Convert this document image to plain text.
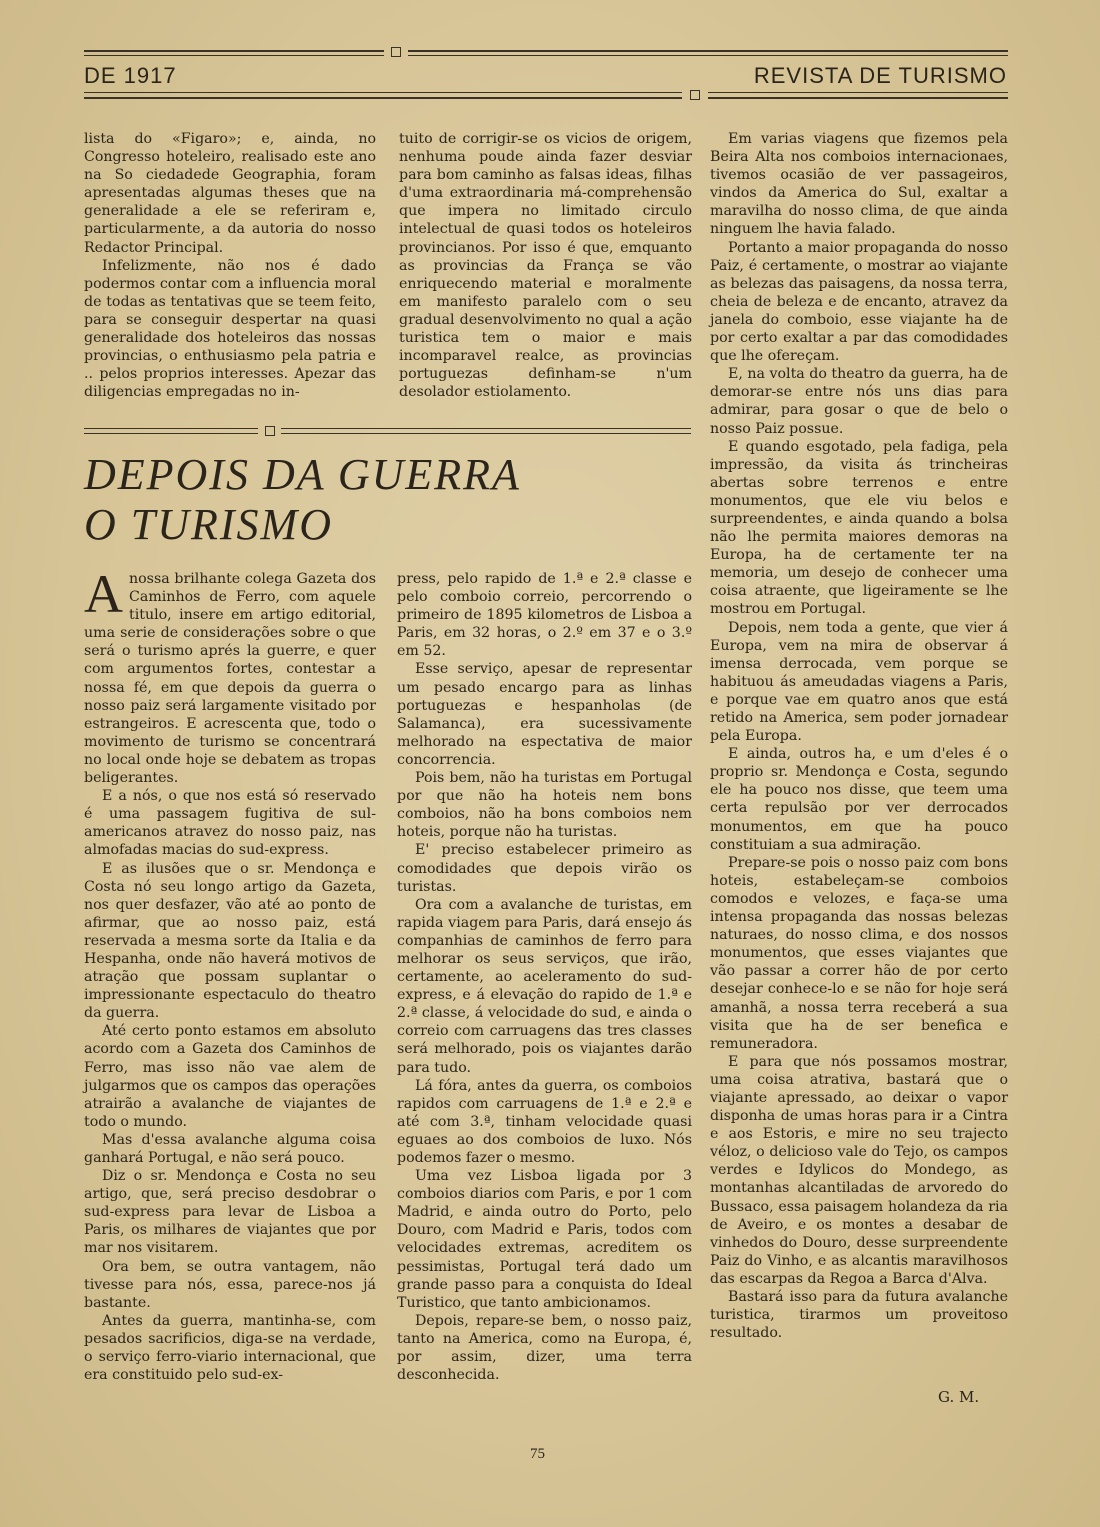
DE 1917	REVISTA DE TURISMO

lista do «Figaro»; e, ainda, no Congresso hoteleiro, realisado este ano na So ciedadede Geographia, foram apresentadas algumas theses que na generalidade a ele se referiram e, particularmente, a da autoria do nosso Redactor Principal.

Infelizmente, não nos é dado podermos contar com a influencia moral de todas as tentativas que se teem feito, para se conseguir despertar na quasi generalidade dos hoteleiros das nossas provincias, o enthusiasmo pela patria e .. pelos proprios interesses. Apezar das diligencias empregadas no in-

tuito de corrigir-se os vicios de origem, nenhuma poude ainda fazer desviar para bom caminho as falsas ideas, filhas d'uma extraordinaria má-comprehensão que impera no limitado circulo intelectual de quasi todos os hoteleiros provincianos. Por isso é que, emquanto as provincias da França se vão enriquecendo material e moralmente em manifesto paralelo com o seu gradual desenvolvimento no qual a ação turistica tem o maior e mais incomparavel realce, as provincias portuguezas definham-se n'um desolador estiolamento.

DEPOIS DA GUERRA
O TURISMO

Anossa brilhante colega Gazeta dos Caminhos de Ferro, com aquele titulo, insere em artigo editorial, uma serie de considerações sobre o que será o turismo aprés la guerre, e quer com argumentos fortes, contestar a nossa fé, em que depois da guerra o nosso paiz será largamente visitado por estrangeiros. E acrescenta que, todo o movimento de turismo se concentrará no local onde hoje se debatem as tropas beligerantes.

E a nós, o que nos está só reservado é uma passagem fugitiva de sul-americanos atravez do nosso paiz, nas almofadas macias do sud-express.

E as ilusões que o sr. Mendonça e Costa nó seu longo artigo da Gazeta, nos quer desfazer, vão até ao ponto de afirmar, que ao nosso paiz, está reservada a mesma sorte da Italia e da Hespanha, onde não haverá motivos de atração que possam suplantar o impressionante espectaculo do theatro da guerra.

Até certo ponto estamos em absoluto acordo com a Gazeta dos Caminhos de Ferro, mas isso não vae alem de julgarmos que os campos das operações atrairão a avalanche de viajantes de todo o mundo.

Mas d'essa avalanche alguma coisa ganhará Portugal, e não será pouco.

Diz o sr. Mendonça e Costa no seu artigo, que, será preciso desdobrar o sud-express para levar de Lisboa a Paris, os milhares de viajantes que por mar nos visitarem.

Ora bem, se outra vantagem, não tivesse para nós, essa, parece-nos já bastante.

Antes da guerra, mantinha-se, com pesados sacrificios, diga-se na verdade, o serviço ferro-viario internacional, que era constituido pelo sud-ex-

press, pelo rapido de 1.ª e 2.ª classe e pelo comboio correio, percorrendo o primeiro de 1895 kilometros de Lisboa a Paris, em 32 horas, o 2.º em 37 e o 3.º em 52.

Esse serviço, apesar de representar um pesado encargo para as linhas portuguezas e hespanholas (de Salamanca), era sucessivamente melhorado na espectativa de maior concorrencia.

Pois bem, não ha turistas em Portugal por que não ha hoteis nem bons comboios, não ha bons comboios nem hoteis, porque não ha turistas.

E' preciso estabelecer primeiro as comodidades que depois virão os turistas.

Ora com a avalanche de turistas, em rapida viagem para Paris, dará ensejo ás companhias de caminhos de ferro para melhorar os seus serviços, que irão, certamente, ao aceleramento do sud-express, e á elevação do rapido de 1.ª e 2.ª classe, á velocidade do sud, e ainda o correio com carruagens das tres classes será melhorado, pois os viajantes darão para tudo.

Lá fóra, antes da guerra, os comboios rapidos com carruagens de 1.ª e 2.ª e até com 3.ª, tinham velocidade quasi eguaes ao dos comboios de luxo. Nós podemos fazer o mesmo.

Uma vez Lisboa ligada por 3 comboios diarios com Paris, e por 1 com Madrid, e ainda outro do Porto, pelo Douro, com Madrid e Paris, todos com velocidades extremas, acreditem os pessimistas, Portugal terá dado um grande passo para a conquista do Ideal Turistico, que tanto ambicionamos.

Depois, repare-se bem, o nosso paiz, tanto na America, como na Europa, é, por assim, dizer, uma terra desconhecida.

Em varias viagens que fizemos pela Beira Alta nos comboios internacionaes, tivemos ocasião de ver passageiros, vindos da America do Sul, exaltar a maravilha do nosso clima, de que ainda ninguem lhe havia falado.

Portanto a maior propaganda do nosso Paiz, é certamente, o mostrar ao viajante as belezas das paisagens, da nossa terra, cheia de beleza e de encanto, atravez da janela do comboio, esse viajante ha de por certo exaltar a par das comodidades que lhe ofereçam.

E, na volta do theatro da guerra, ha de demorar-se entre nós uns dias para admirar, para gosar o que de belo o nosso Paiz possue.

E quando esgotado, pela fadiga, pela impressão, da visita ás trincheiras abertas sobre terrenos e entre monumentos, que ele viu belos e surpreendentes, e ainda quando a bolsa não lhe permita maiores demoras na Europa, ha de certamente ter na memoria, um desejo de conhecer uma coisa atraente, que ligeiramente se lhe mostrou em Portugal.

Depois, nem toda a gente, que vier á Europa, vem na mira de observar á imensa derrocada, vem porque se habituou ás ameudadas viagens a Paris, e porque vae em quatro anos que está retido na America, sem poder jornadear pela Europa.

E ainda, outros ha, e um d'eles é o proprio sr. Mendonça e Costa, segundo ele ha pouco nos disse, que teem uma certa repulsão por ver derrocados monumentos, em que ha pouco constituiam a sua admiração.

Prepare-se pois o nosso paiz com bons hoteis, estabeleçam-se comboios comodos e velozes, e faça-se uma intensa propaganda das nossas belezas naturaes, do nosso clima, e dos nossos monumentos, que esses viajantes que vão passar a correr hão de por certo desejar conhece-lo e se não for hoje será amanhã, a nossa terra receberá a sua visita que ha de ser benefica e remuneradora.

E para que nós possamos mostrar, uma coisa atrativa, bastará que o viajante apressado, ao deixar o vapor disponha de umas horas para ir a Cintra e aos Estoris, e mire no seu trajecto véloz, o delicioso vale do Tejo, os campos verdes e Idylicos do Mondego, as montanhas alcantiladas de arvoredo do Bussaco, essa paisagem holandeza da ria de Aveiro, e os montes a desabar de vinhedos do Douro, desse surpreendente Paiz do Vinho, e as alcantis maravilhosos das escarpas da Regoa a Barca d'Alva.

Bastará isso para da futura avalanche turistica, tirarmos um proveitoso resultado.

G. M.
75
